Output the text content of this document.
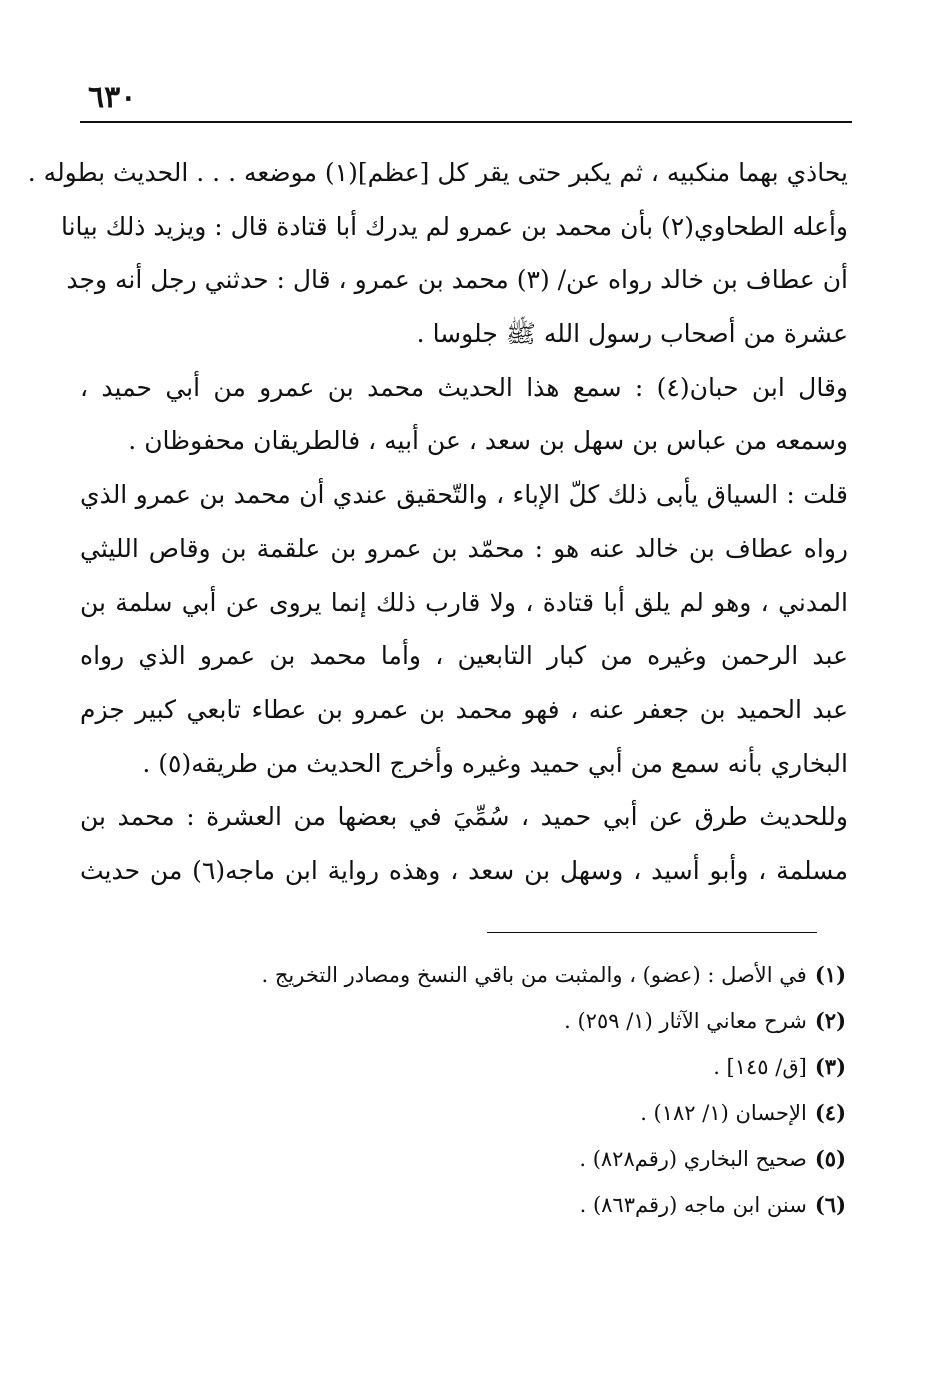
٦٣٠
يحاذي بهما منكبيه ، ثم يكبر حتى يقر كل [عظم](١) موضعه . . . الحديث بطوله .
وأعله الطحاوي(٢) بأن محمد بن عمرو لم يدرك أبا قتادة قال : ويزيد ذلك بيانا
أن عطاف بن خالد رواه عن/ (٣) محمد بن عمرو ، قال : حدثني رجل أنه وجد
عشرة من أصحاب رسول الله ﷺ جلوسا .
وقال ابن حبان(٤) : سمع هذا الحديث محمد بن عمرو من أبي حميد ،
وسمعه من عباس بن سهل بن سعد ، عن أبيه ، فالطريقان محفوظان .
قلت : السياق يأبى ذلك كلّ الإباء ، والتّحقيق عندي أن محمد بن عمرو الذي
رواه عطاف بن خالد عنه هو : محمّد بن عمرو بن علقمة بن وقاص الليثي
المدني ، وهو لم يلق أبا قتادة ، ولا قارب ذلك إنما يروى عن أبي سلمة بن
عبد الرحمن وغيره من كبار التابعين ، وأما محمد بن عمرو الذي رواه
عبد الحميد بن جعفر عنه ، فهو محمد بن عمرو بن عطاء تابعي كبير جزم
البخاري بأنه سمع من أبي حميد وغيره وأخرج الحديث من طريقه(٥) .
وللحديث طرق عن أبي حميد ، سُمِّيَ في بعضها من العشرة : محمد بن
مسلمة ، وأبو أسيد ، وسهل بن سعد ، وهذه رواية ابن ماجه(٦) من حديث
(١)في الأصل : (عضو) ، والمثبت من باقي النسخ ومصادر التخريج .
(٢)شرح معاني الآثار (١/ ٢٥٩) .
(٣)[ق/ ١٤٥] .
(٤)الإحسان (١/ ١٨٢) .
(٥)صحيح البخاري (رقم٨٢٨) .
(٦)سنن ابن ماجه (رقم٨٦٣) .
